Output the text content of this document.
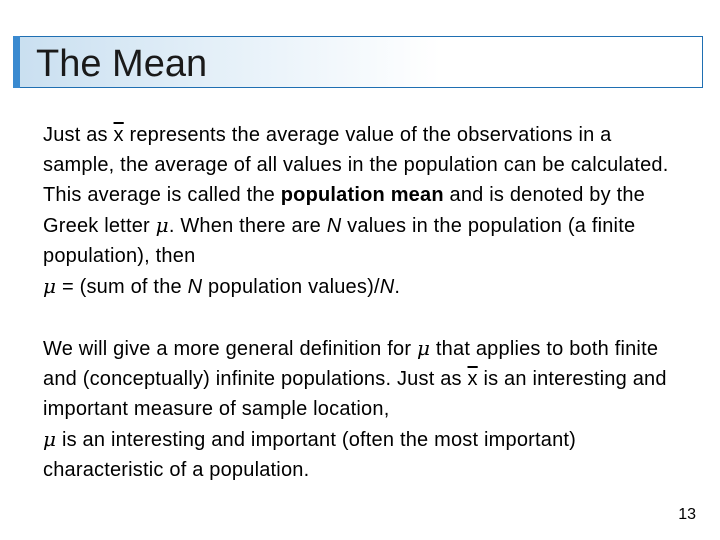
The Mean
Just as $\overline{x}$ represents the average value of the observations in a sample, the average of all values in the population can be calculated. This average is called the population mean and is denoted by the Greek letter μ. When there are N values in the population (a finite population), then
μ = (sum of the N population values)/N.
We will give a more general definition for μ that applies to both finite and (conceptually) infinite populations. Just as $\overline{x}$ is an interesting and important measure of sample location,
μ is an interesting and important (often the most important) characteristic of a population.
13
